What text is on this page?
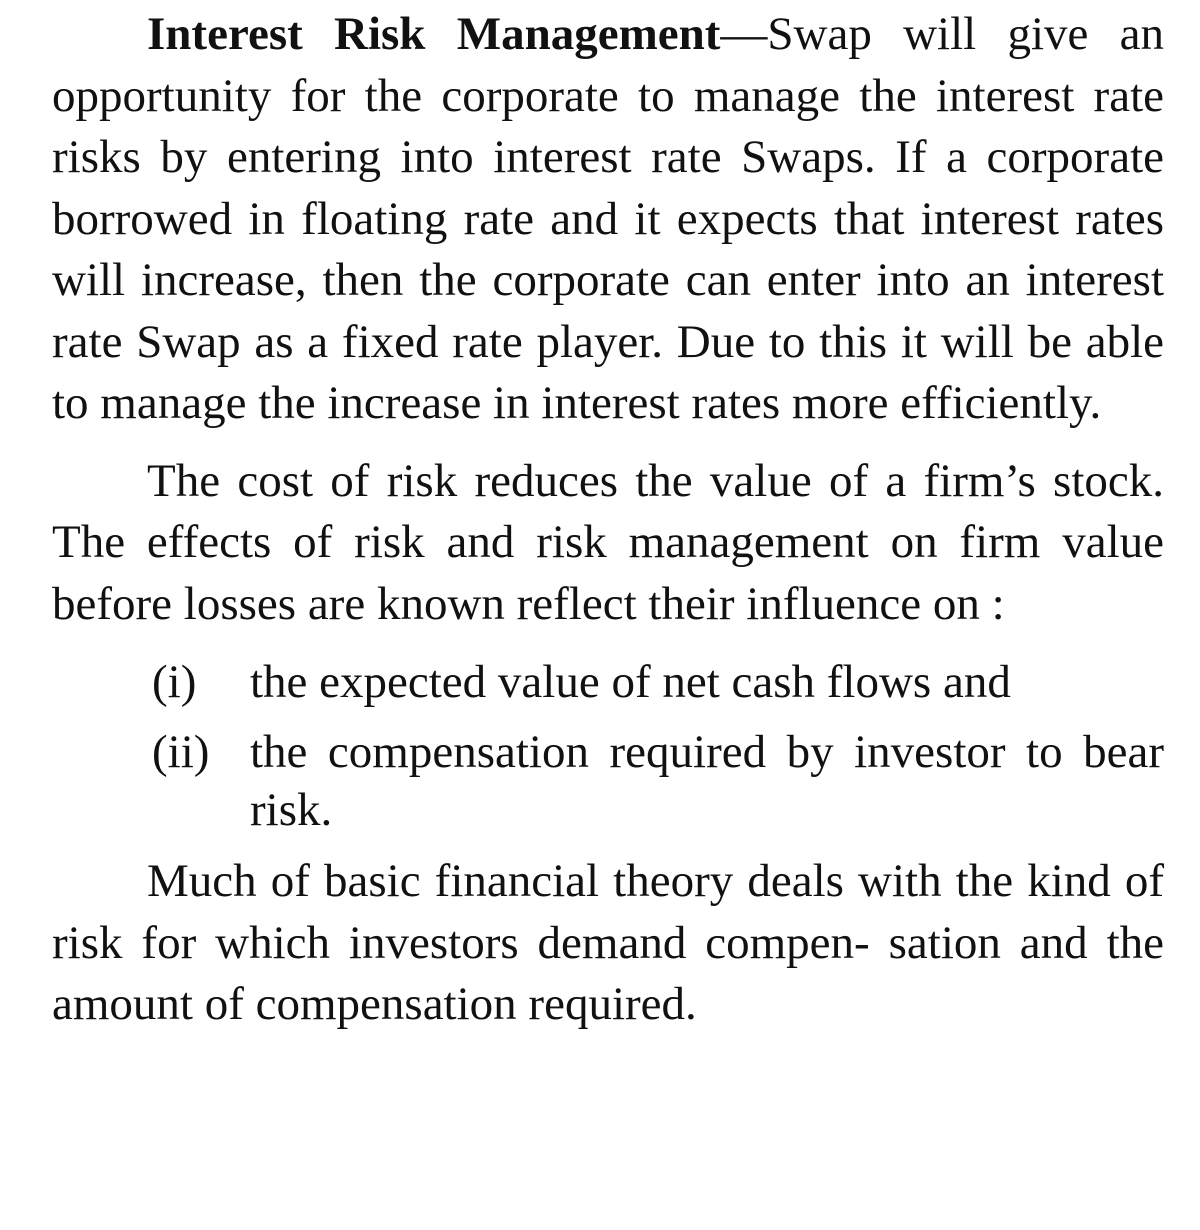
Interest Risk Management—Swap will give an opportunity for the corporate to manage the interest rate risks by entering into interest rate Swaps. If a corporate borrowed in floating rate and it expects that interest rates will increase, then the corporate can enter into an interest rate Swap as a fixed rate player. Due to this it will be able to manage the increase in interest rates more efficiently.

The cost of risk reduces the value of a firm’s stock. The effects of risk and risk management on firm value before losses are known reflect their influence on :

(i)	the expected value of net cash flows and
(ii) the compensation required by investor to bear risk.

Much of basic financial theory deals with the kind of risk for which investors demand compen- sation and the amount of compensation required.
